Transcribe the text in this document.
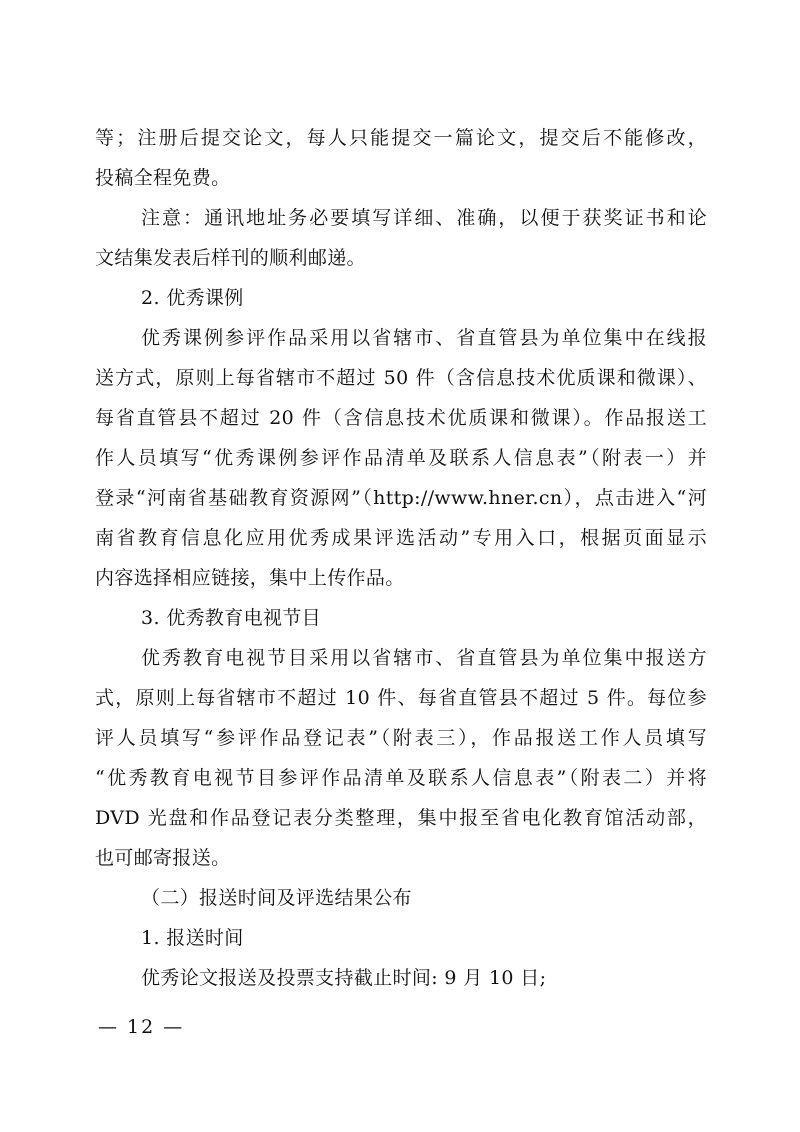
等；注册后提交论文，每人只能提交一篇论文，提交后不能修改，
投稿全程免费。
注意：通讯地址务必要填写详细、准确，以便于获奖证书和论
文结集发表后样刊的顺利邮递。
2. 优秀课例
优秀课例参评作品采用以省辖市、省直管县为单位集中在线报
送方式，原则上每省辖市不超过 50 件（含信息技术优质课和微课）、
每省直管县不超过 20 件（含信息技术优质课和微课）。作品报送工
作人员填写“优秀课例参评作品清单及联系人信息表”（附表一）并
登录“河南省基础教育资源网”（http://www.hner.cn），点击进入“河
南省教育信息化应用优秀成果评选活动”专用入口，根据页面显示
内容选择相应链接，集中上传作品。
3. 优秀教育电视节目
优秀教育电视节目采用以省辖市、省直管县为单位集中报送方
式，原则上每省辖市不超过 10 件、每省直管县不超过 5 件。每位参
评人员填写“参评作品登记表”（附表三），作品报送工作人员填写
“优秀教育电视节目参评作品清单及联系人信息表”（附表二）并将
DVD 光盘和作品登记表分类整理，集中报至省电化教育馆活动部，
也可邮寄报送。
（二）报送时间及评选结果公布
1. 报送时间
优秀论文报送及投票支持截止时间: 9 月 10 日;
— 12 —
